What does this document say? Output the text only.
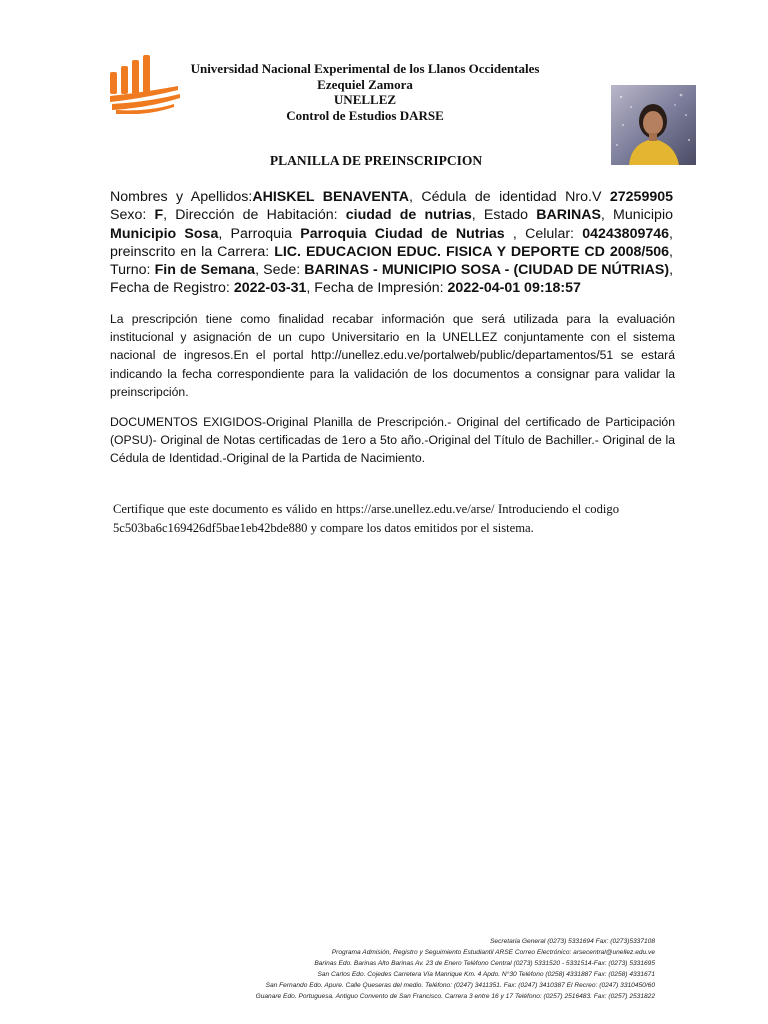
Universidad Nacional Experimental de los Llanos Occidentales
Ezequiel Zamora
UNELLEZ
Control de Estudios DARSE
PLANILLA DE PREINSCRIPCION
Nombres y Apellidos:AHISKEL BENAVENTA, Cédula de identidad Nro.V 27259905 Sexo: F, Dirección de Habitación: ciudad de nutrias, Estado BARINAS, Municipio Municipio Sosa, Parroquia Parroquia Ciudad de Nutrias , Celular: 04243809746, preinscrito en la Carrera: LIC. EDUCACION EDUC. FISICA Y DEPORTE CD 2008/506, Turno: Fin de Semana, Sede: BARINAS - MUNICIPIO SOSA - (CIUDAD DE NÚTRIAS), Fecha de Registro: 2022-03-31, Fecha de Impresión: 2022-04-01 09:18:57
La prescripción tiene como finalidad recabar información que será utilizada para la evaluación institucional y asignación de un cupo Universitario en la UNELLEZ conjuntamente con el sistema nacional de ingresos.En el portal http://unellez.edu.ve/portalweb/public/departamentos/51 se estará indicando la fecha correspondiente para la validación de los documentos a consignar para validar la preinscripción.
DOCUMENTOS EXIGIDOS-Original Planilla de Prescripción.- Original del certificado de Participación (OPSU)- Original de Notas certificadas de 1ero a 5to año.-Original del Título de Bachiller.- Original de la Cédula de Identidad.-Original de la Partida de Nacimiento.
Certifique que este documento es válido en https://arse.unellez.edu.ve/arse/ Introduciendo el codigo 5c503ba6c169426df5bae1eb42bde880 y compare los datos emitidos por el sistema.
Secretaria General (0273) 5331694 Fax: (0273)5337108
Programa Admisión, Registro y Seguimiento Estudiantil ARSE Correo Electrónico: arsecentral@unellez.edu.ve
Barinas Edo. Barinas Alto Barinas Av. 23 de Enero Teléfono Central (0273) 5331520 - 5331514-Fax: (0273) 5331695
San Carlos Edo. Cojedes Carretera Vía Manrique Km. 4 Apdo. N°30 Teléfono (0258) 4331887 Fax: (0258) 4331671
San Fernando Edo. Apure. Calle Queseras del medio. Teléfono: (0247) 3411351. Fax: (0247) 3410387 El Recreo: (0247) 3310450/60
Guanare Edo. Portuguesa. Antiguo Convento de San Francisco. Carrera 3 entre 16 y 17 Teléfono: (0257) 2516483. Fax: (0257) 2531822
